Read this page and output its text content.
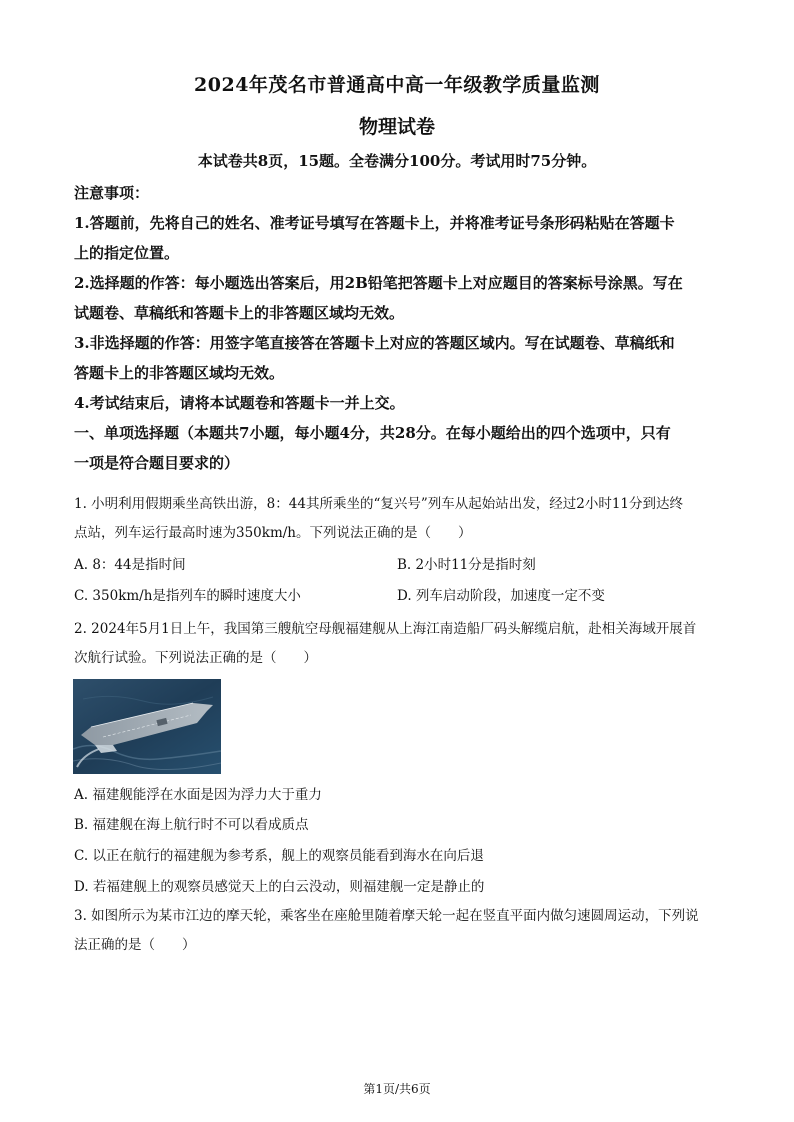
2024年茂名市普通高中高一年级教学质量监测
物理试卷
本试卷共8页，15题。全卷满分100分。考试用时75分钟。
注意事项：
1.答题前，先将自己的姓名、准考证号填写在答题卡上，并将准考证号条形码粘贴在答题卡
上的指定位置。
2.选择题的作答：每小题选出答案后，用2B铅笔把答题卡上对应题目的答案标号涂黑。写在
试题卷、草稿纸和答题卡上的非答题区域均无效。
3.非选择题的作答：用签字笔直接答在答题卡上对应的答题区域内。写在试题卷、草稿纸和
答题卡上的非答题区域均无效。
4.考试结束后，请将本试题卷和答题卡一并上交。
一、单项选择题（本题共7小题，每小题4分，共28分。在每小题给出的四个选项中，只有
一项是符合题目要求的）
1. 小明利用假期乘坐高铁出游，8：44其所乘坐的“复兴号”列车从起始站出发，经过2小时11分到达终
点站，列车运行最高时速为350km/h。下列说法正确的是（　　）
A. 8：44是指时间	B. 2小时11分是指时刻
C. 350km/h是指列车的瞬时速度大小	D. 列车启动阶段，加速度一定不变
2. 2024年5月1日上午，我国第三艘航空母舰福建舰从上海江南造船厂码头解缆启航，赴相关海域开展首
次航行试验。下列说法正确的是（　　）
A. 福建舰能浮在水面是因为浮力大于重力
B. 福建舰在海上航行时不可以看成质点
C. 以正在航行的福建舰为参考系，舰上的观察员能看到海水在向后退
D. 若福建舰上的观察员感觉天上的白云没动，则福建舰一定是静止的
3. 如图所示为某市江边的摩天轮，乘客坐在座舱里随着摩天轮一起在竖直平面内做匀速圆周运动，下列说
法正确的是（　　）
第1页/共6页
